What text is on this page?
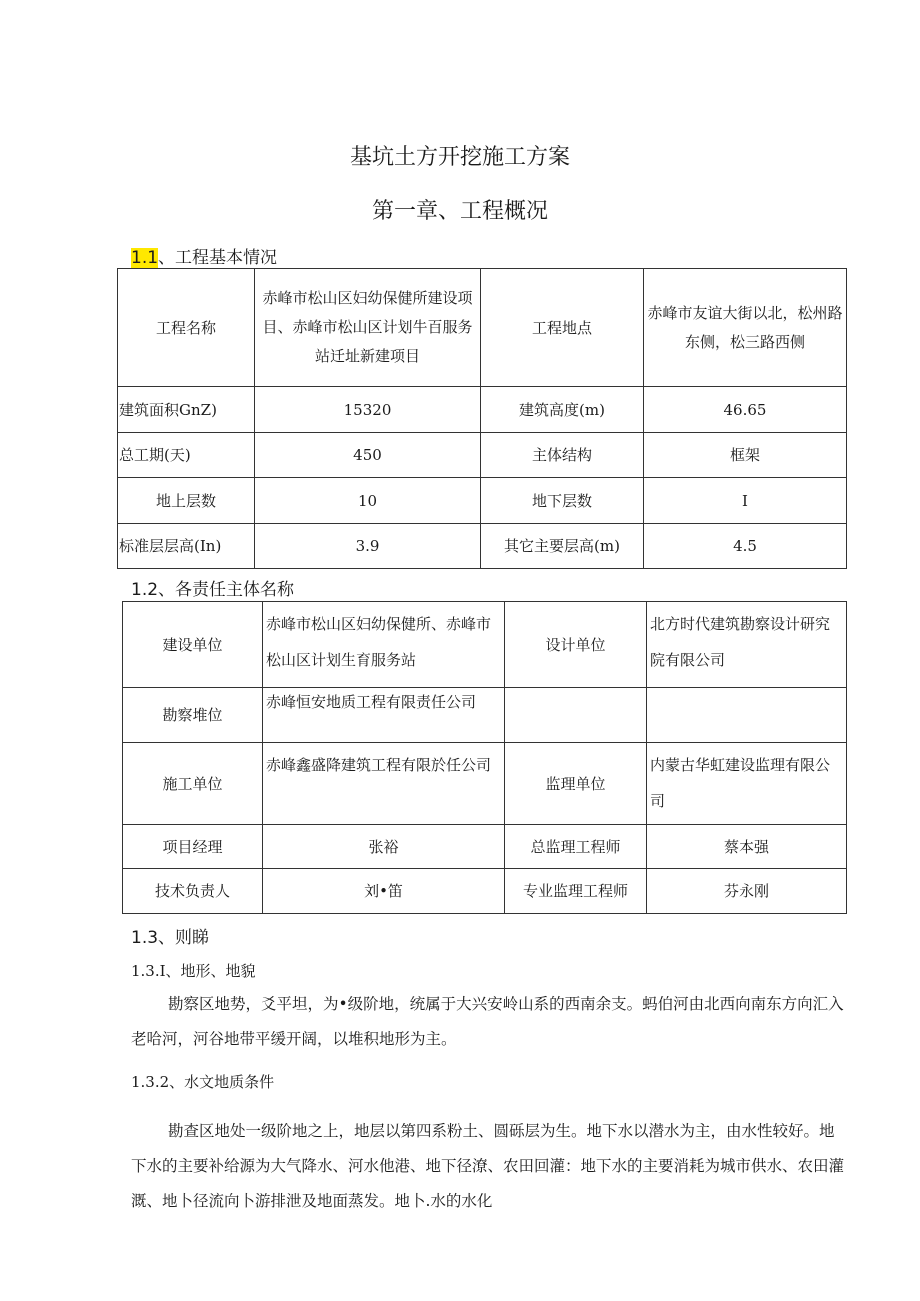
基坑土方开挖施工方案
第一章、工程概况
1.1、工程基本情况
工程名称	赤峰市松山区妇幼保健所建设项目、赤峰市松山区计划牛百服务站迁址新建项目	工程地点	赤峰市友谊大街以北，松州路东侧，松三路西侧
建筑面积GnZ)	15320	建筑高度(m)	46.65
总工期(天)	450	主体结构	框架
地上层数	10	地下层数	I
标准层层高(In)	3.9	其它主要层高(m)	4.5
1.2、各责任主体名称
建设单位	赤峰市松山区妇幼保健所、赤峰市松山区计划生育服务站	设计单位	北方时代建筑勘察设计研究院有限公司
勘察堆位	赤峰恒安地质工程有限责任公司		
施工单位	赤峰鑫盛降建筑工程有限於任公司	监理单位	内蒙古华虹建设监理有限公司
项目经理	张裕	总监理工程师	蔡本强
技术负责人	刘•笛	专业监理工程师	芬永刚
1.3、则睇
1.3.I、地形、地貌

勘察区地势，爻平坦，为•级阶地，统属于大兴安岭山系的西南余支。蚂伯河由北西向南东方向汇入老哈河，河谷地带平缓开阔，以堆积地形为主。

1.3.2、水文地质条件

勘查区地处一级阶地之上，地层以第四系粉土、圆砾层为生。地下水以潜水为主，由水性较好。地下水的主要补给源为大气降水、河水他港、地下径潦、农田回灌：地下水的主要消耗为城市供水、农田灌溉、地卜径流向卜游排泄及地面蒸发。地卜.水的水化
